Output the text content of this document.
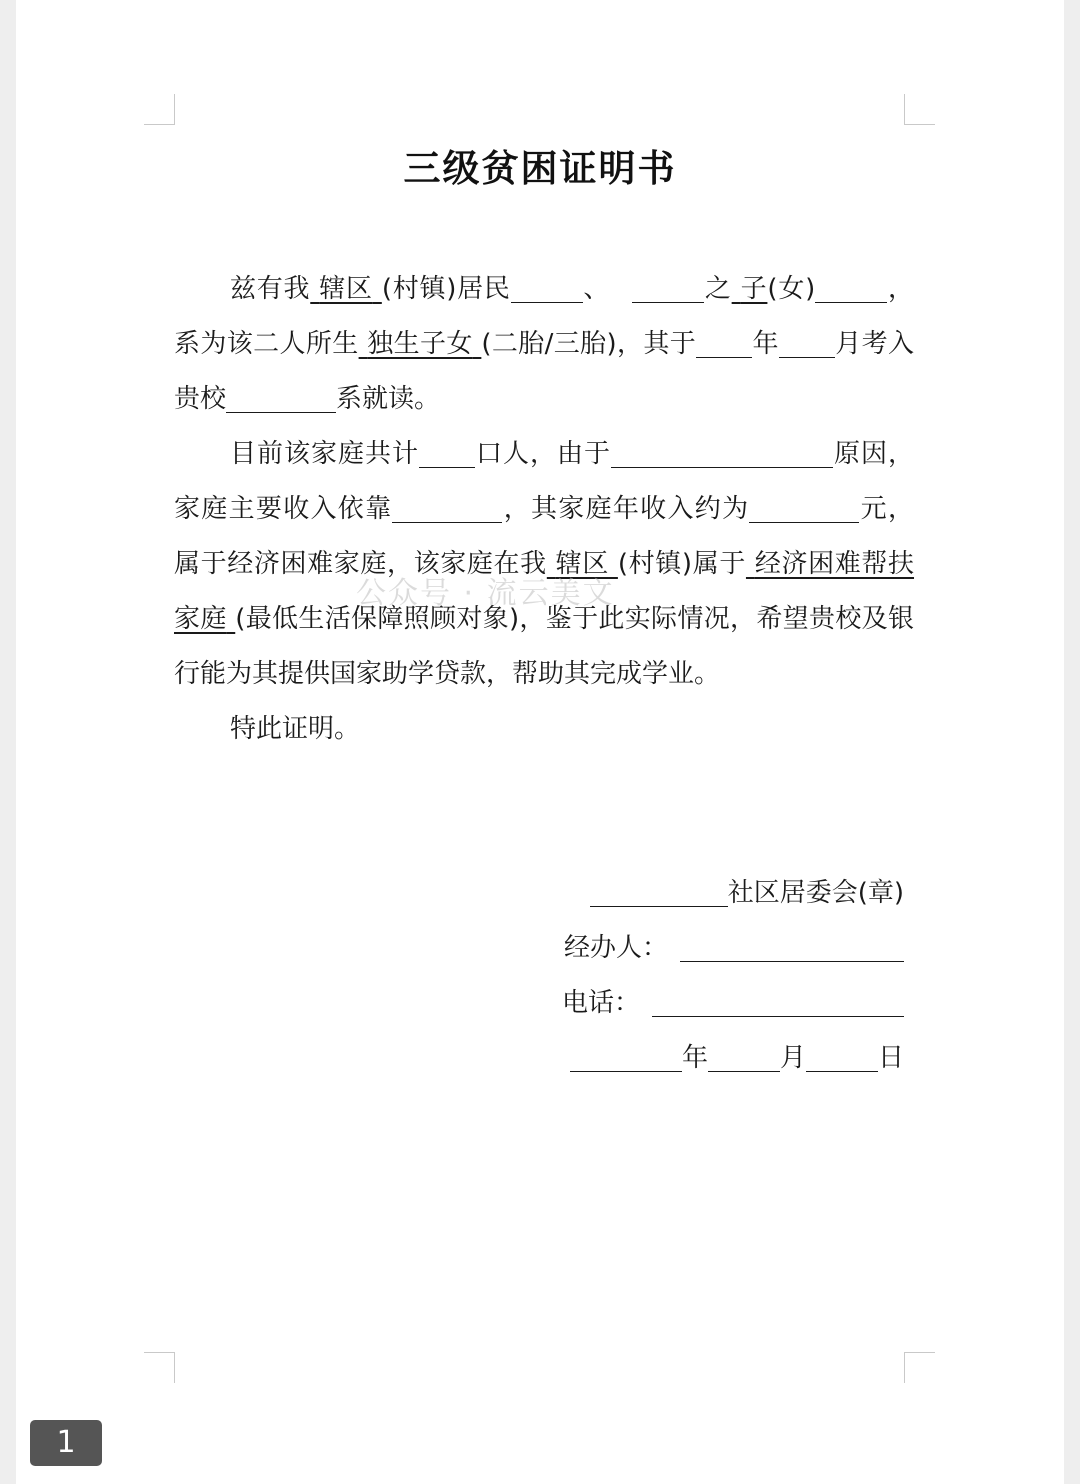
三级贫困证明书

兹有我 辖区 (村镇)居民	、	之 子(女)	，系为该二人所生 独生子女 (二胎/三胎)，其于 年 月考入贵校	系就读。

目前该家庭共计 口人，由于	原因，家庭主要收入依靠	，其家庭年收入约为	元，属于经济困难家庭，该家庭在我 辖区 (村镇)属于 经济困难帮扶家庭 (最低生活保障照顾对象)，鉴于此实际情况，希望贵校及银行能为其提供国家助学贷款，帮助其完成学业。

特此证明。

公众号 · 流云美文
社区居委会(章)
经办人：
电话：
年	月	日
1
